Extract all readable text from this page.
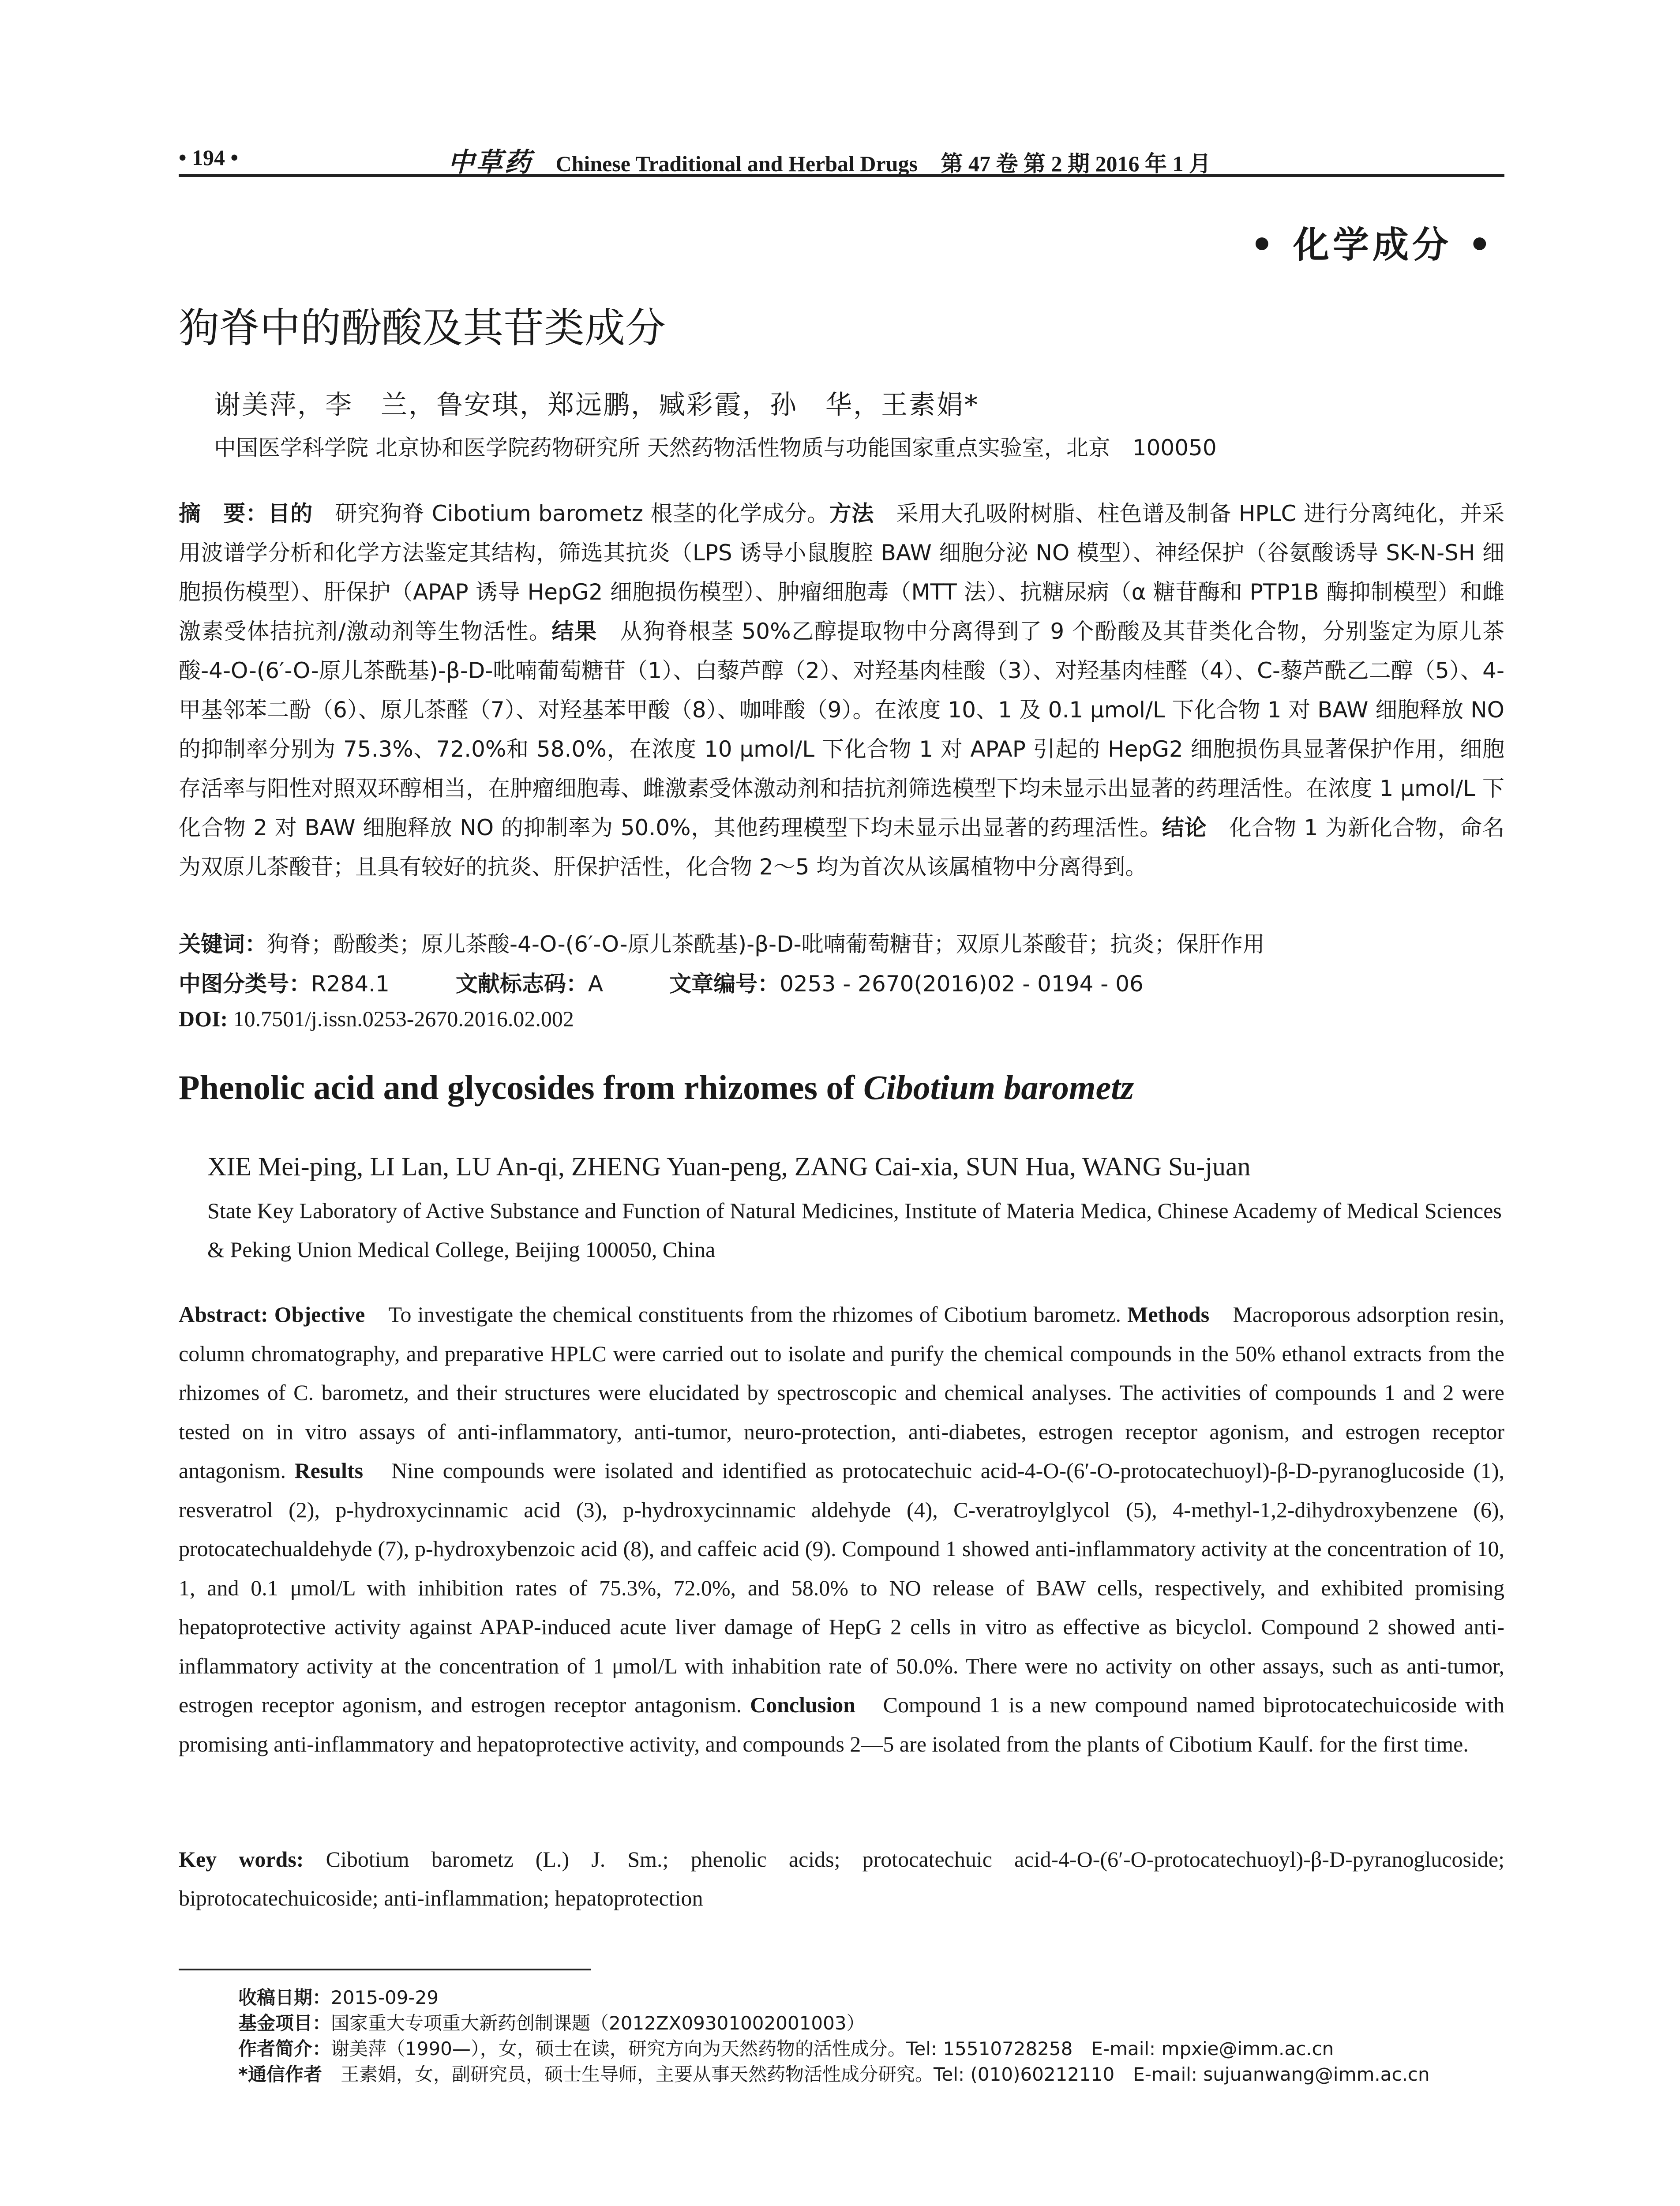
• 194 •	中草药 Chinese Traditional and Herbal Drugs 第 47 卷 第 2 期 2016 年 1 月
• 化学成分 •
狗脊中的酚酸及其苷类成分
谢美萍，李　兰，鲁安琪，郑远鹏，臧彩霞，孙　华，王素娟*
中国医学科学院 北京协和医学院药物研究所 天然药物活性物质与功能国家重点实验室，北京　100050
摘　要：目的　 研究狗脊 Cibotium barometz 根茎的化学成分。方法　 采用大孔吸附树脂、柱色谱及制备 HPLC 进行分离纯化，并采用波谱学分析和化学方法鉴定其结构，筛选其抗炎（LPS 诱导小鼠腹腔 BAW 细胞分泌 NO 模型）、神经保护（谷氨酸诱导 SK-N-SH 细胞损伤模型）、肝保护（APAP 诱导 HepG2 细胞损伤模型）、肿瘤细胞毒（MTT 法）、抗糖尿病（α 糖苷酶和 PTP1B 酶抑制模型）和雌激素受体拮抗剂/激动剂等生物活性。结果　 从狗脊根茎 50%乙醇提取物中分离得到了 9 个酚酸及其苷类化合物，分别鉴定为原儿茶酸-4-O-(6′-O-原儿茶酰基)-β-D-吡喃葡萄糖苷（1）、白藜芦醇（2）、对羟基肉桂酸（3）、对羟基肉桂醛（4）、C-藜芦酰乙二醇（5）、4-甲基邻苯二酚（6）、原儿茶醛（7）、对羟基苯甲酸（8）、咖啡酸（9）。在浓度 10、1 及 0.1 μmol/L 下化合物 1 对 BAW 细胞释放 NO 的抑制率分别为 75.3%、72.0%和 58.0%，在浓度 10 μmol/L 下化合物 1 对 APAP 引起的 HepG2 细胞损伤具显著保护作用，细胞存活率与阳性对照双环醇相当，在肿瘤细胞毒、雌激素受体激动剂和拮抗剂筛选模型下均未显示出显著的药理活性。在浓度 1 μmol/L 下化合物 2 对 BAW 细胞释放 NO 的抑制率为 50.0%，其他药理模型下均未显示出显著的药理活性。结论　 化合物 1 为新化合物，命名为双原儿茶酸苷；且具有较好的抗炎、肝保护活性，化合物 2～5 均为首次从该属植物中分离得到。
关键词：狗脊；酚酸类；原儿茶酸-4-O-(6′-O-原儿茶酰基)-β-D-吡喃葡萄糖苷；双原儿茶酸苷；抗炎；保肝作用
中图分类号：R284.1	文献标志码：A	文章编号：0253 - 2670(2016)02 - 0194 - 06
DOI: 10.7501/j.issn.0253-2670.2016.02.002
Phenolic acid and glycosides from rhizomes of Cibotium barometz
XIE Mei-ping, LI Lan, LU An-qi, ZHENG Yuan-peng, ZANG Cai-xia, SUN Hua, WANG Su-juan
State Key Laboratory of Active Substance and Function of Natural Medicines, Institute of Materia Medica, Chinese Academy of Medical Sciences & Peking Union Medical College, Beijing 100050, China
Abstract: Objective　 To investigate the chemical constituents from the rhizomes of Cibotium barometz. Methods　 Macroporous adsorption resin, column chromatography, and preparative HPLC were carried out to isolate and purify the chemical compounds in the 50% ethanol extracts from the rhizomes of C. barometz, and their structures were elucidated by spectroscopic and chemical analyses. The activities of compounds 1 and 2 were tested on in vitro assays of anti-inflammatory, anti-tumor, neuro-protection, anti-diabetes, estrogen receptor agonism, and estrogen receptor antagonism. Results　 Nine compounds were isolated and identified as protocatechuic acid-4-O-(6′-O-protocatechuoyl)-β-D-pyranoglucoside (1), resveratrol (2), p-hydroxycinnamic acid (3), p-hydroxycinnamic aldehyde (4), C-veratroylglycol (5), 4-methyl-1,2-dihydroxybenzene (6), protocatechualdehyde (7), p-hydroxybenzoic acid (8), and caffeic acid (9). Compound 1 showed anti-inflammatory activity at the concentration of 10, 1, and 0.1 μmol/L with inhibition rates of 75.3%, 72.0%, and 58.0% to NO release of BAW cells, respectively, and exhibited promising hepatoprotective activity against APAP-induced acute liver damage of HepG 2 cells in vitro as effective as bicyclol. Compound 2 showed anti-inflammatory activity at the concentration of 1 μmol/L with inhabition rate of 50.0%. There were no activity on other assays, such as anti-tumor, estrogen receptor agonism, and estrogen receptor antagonism. Conclusion　 Compound 1 is a new compound named biprotocatechuicoside with promising anti-inflammatory and hepatoprotective activity, and compounds 2—5 are isolated from the plants of Cibotium Kaulf. for the first time.
Key words: Cibotium barometz (L.) J. Sm.; phenolic acids; protocatechuic acid-4-O-(6′-O-protocatechuoyl)-β-D-pyranoglucoside; biprotocatechuicoside; anti-inflammation; hepatoprotection
收稿日期：2015-09-29
基金项目：国家重大专项重大新药创制课题（2012ZX09301002001003）
作者简介：谢美萍（1990—），女，硕士在读，研究方向为天然药物的活性成分。Tel: 15510728258　E-mail: mpxie@imm.ac.cn
*通信作者　 王素娟，女，副研究员，硕士生导师，主要从事天然药物活性成分研究。Tel: (010)60212110　E-mail: sujuanwang@imm.ac.cn
